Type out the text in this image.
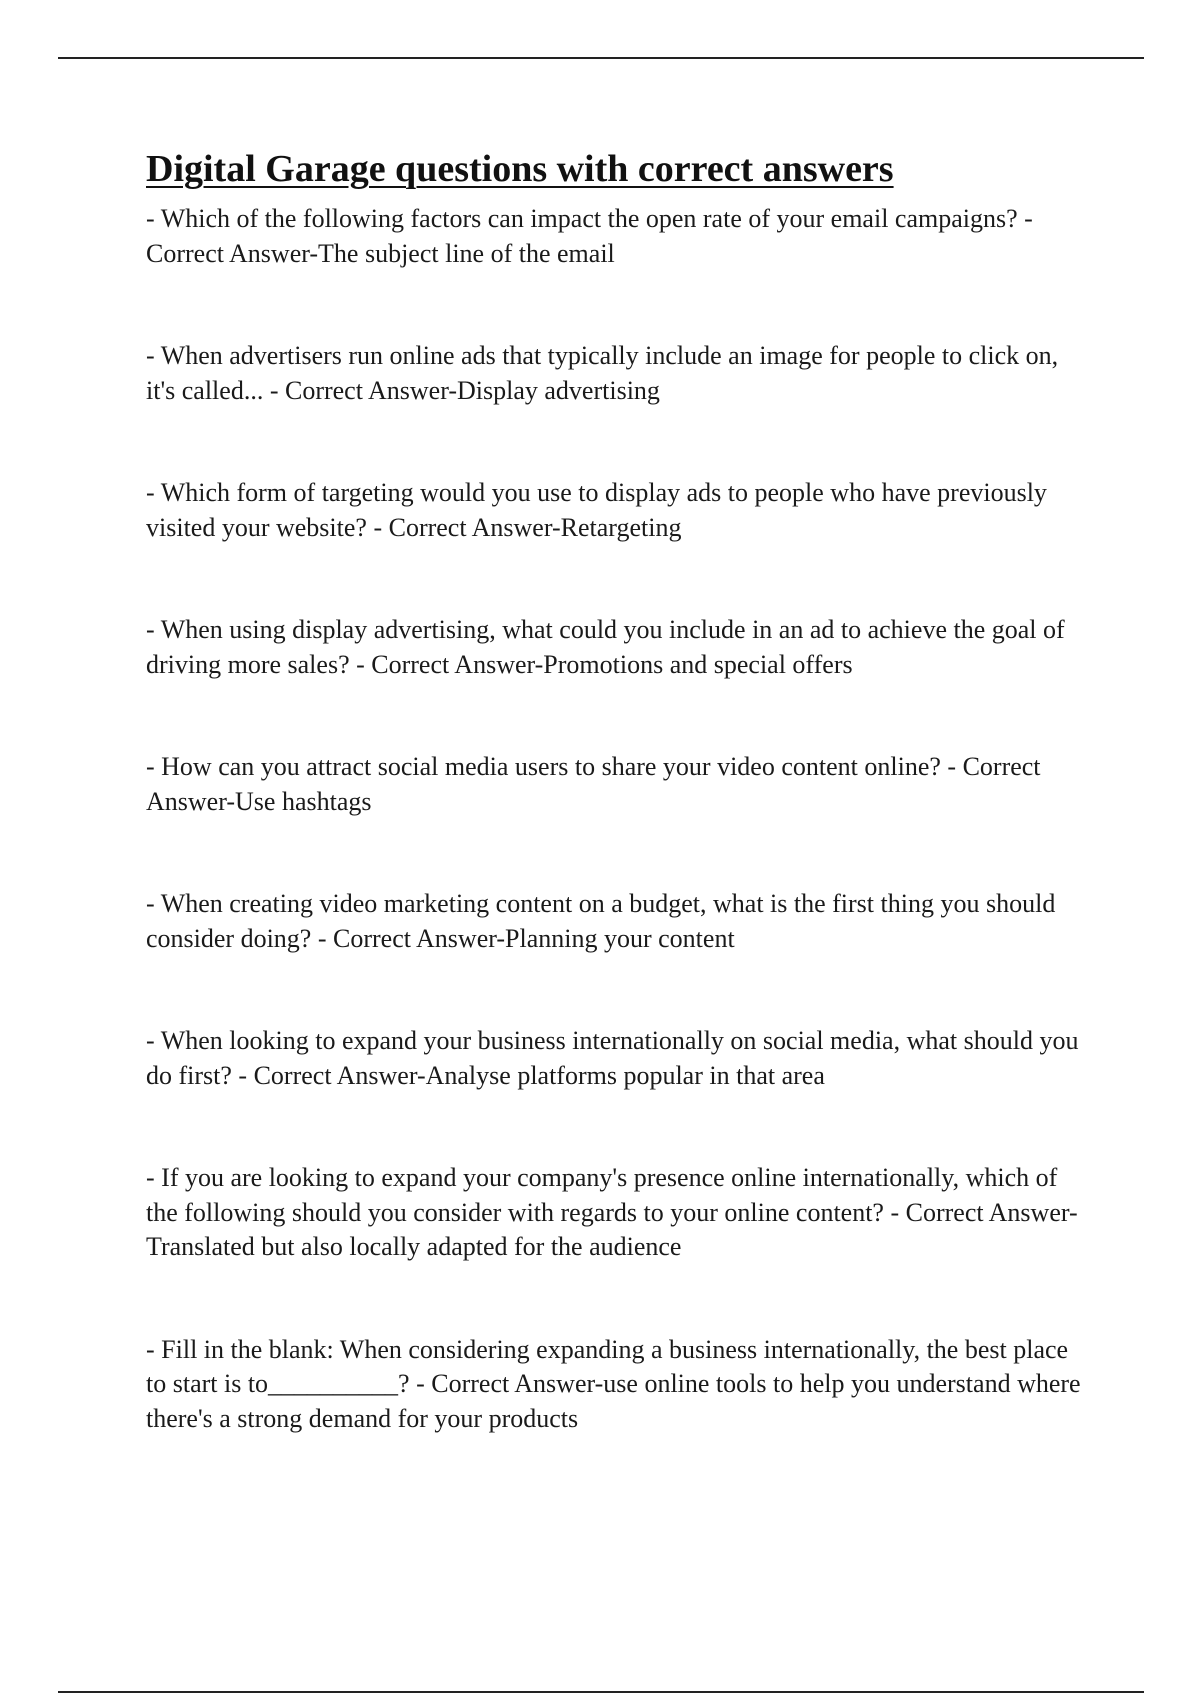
Digital Garage questions with correct answers
- Which of the following factors can impact the open rate of your email campaigns? - Correct Answer-The subject line of the email
- When advertisers run online ads that typically include an image for people to click on, it's called... - Correct Answer-Display advertising
- Which form of targeting would you use to display ads to people who have previously visited your website? - Correct Answer-Retargeting
- When using display advertising, what could you include in an ad to achieve the goal of driving more sales? - Correct Answer-Promotions and special offers
- How can you attract social media users to share your video content online? - Correct Answer-Use hashtags
- When creating video marketing content on a budget, what is the first thing you should consider doing? - Correct Answer-Planning your content
- When looking to expand your business internationally on social media, what should you do first? - Correct Answer-Analyse platforms popular in that area
- If you are looking to expand your company's presence online internationally, which of the following should you consider with regards to your online content? - Correct Answer-Translated but also locally adapted for the audience
- Fill in the blank: When considering expanding a business internationally, the best place to start is to__________? - Correct Answer-use online tools to help you understand where there's a strong demand for your products
